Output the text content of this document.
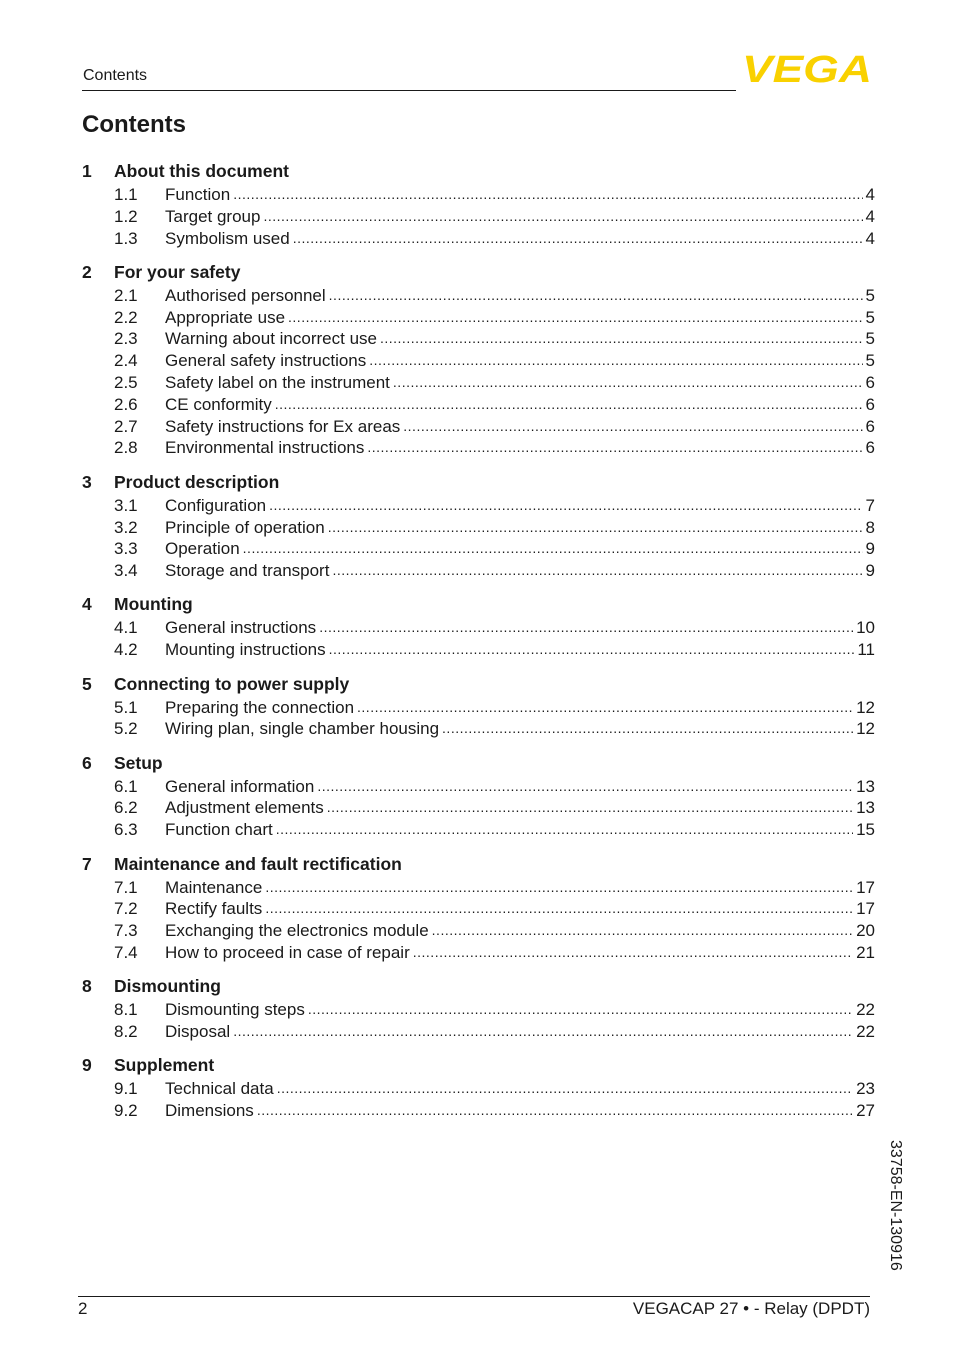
Contents	VEGA
Contents
1	About this document
1.1	Function .....	4
1.2	Target group .....	4
1.3	Symbolism used .....	4
2	For your safety
2.1	Authorised personnel .....	5
2.2	Appropriate use .....	5
2.3	Warning about incorrect use .....	5
2.4	General safety instructions .....	5
2.5	Safety label on the instrument .....	6
2.6	CE conformity .....	6
2.7	Safety instructions for Ex areas .....	6
2.8	Environmental instructions .....	6
3	Product description
3.1	Configuration .....	7
3.2	Principle of operation .....	8
3.3	Operation .....	9
3.4	Storage and transport .....	9
4	Mounting
4.1	General instructions .....	10
4.2	Mounting instructions .....	11
5	Connecting to power supply
5.1	Preparing the connection .....	12
5.2	Wiring plan, single chamber housing .....	12
6	Setup
6.1	General information .....	13
6.2	Adjustment elements .....	13
6.3	Function chart .....	15
7	Maintenance and fault rectification
7.1	Maintenance .....	17
7.2	Rectify faults .....	17
7.3	Exchanging the electronics module .....	20
7.4	How to proceed in case of repair .....	21
8	Dismounting
8.1	Dismounting steps .....	22
8.2	Disposal .....	22
9	Supplement
9.1	Technical data .....	23
9.2	Dimensions .....	27
33758-EN-130916
2	VEGACAP 27 • - Relay (DPDT)
